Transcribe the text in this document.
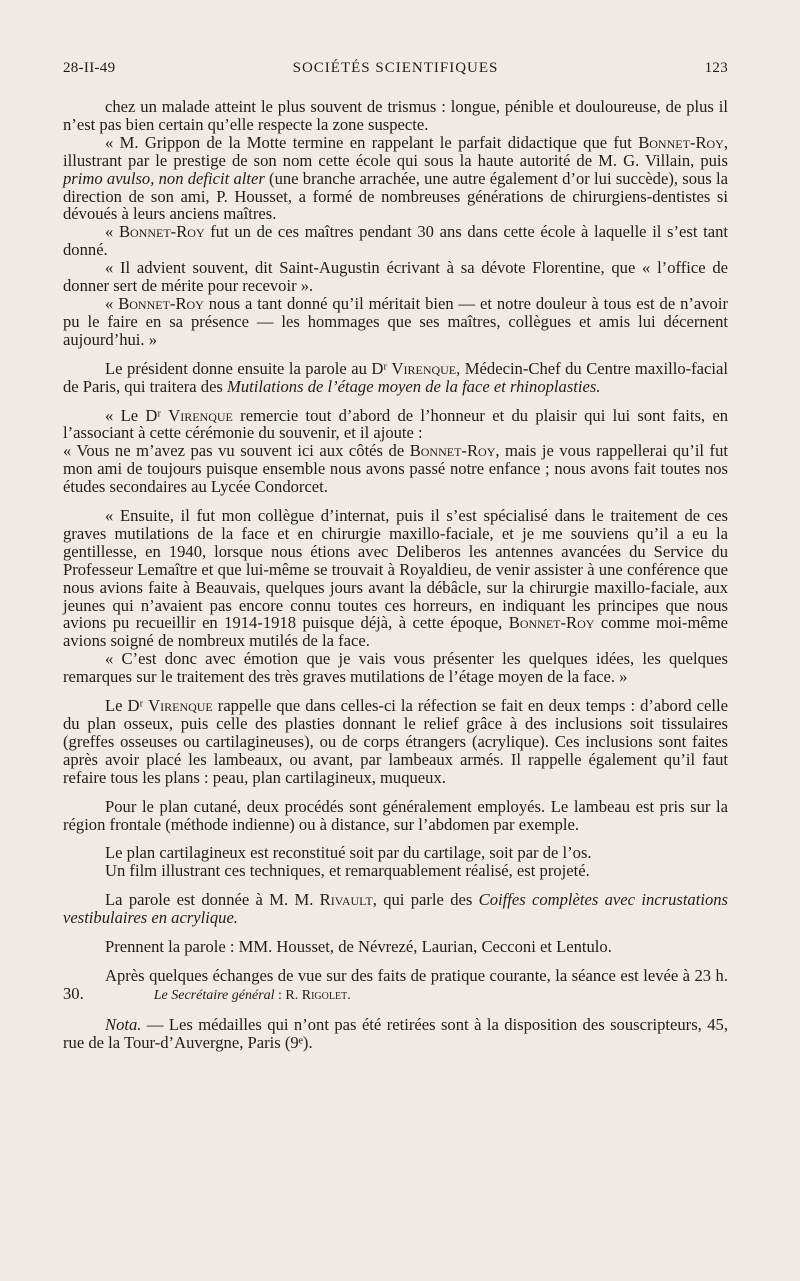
28-II-49	SOCIÉTÉS SCIENTIFIQUES	123

chez un malade atteint le plus souvent de trismus : longue, pénible et douloureuse, de plus il n’est pas bien certain qu’elle respecte la zone suspecte.

« M. Grippon de la Motte termine en rappelant le parfait didactique que fut Bonnet-Roy, illustrant par le prestige de son nom cette école qui sous la haute autorité de M. G. Villain, puis primo avulso, non deficit alter (une branche arrachée, une autre également d’or lui succède), sous la direction de son ami, P. Housset, a formé de nombreuses générations de chirurgiens-dentistes si dévoués à leurs anciens maîtres.

« Bonnet-Roy fut un de ces maîtres pendant 30 ans dans cette école à laquelle il s’est tant donné.

« Il advient souvent, dit Saint-Augustin écrivant à sa dévote Florentine, que « l’office de donner sert de mérite pour recevoir ».

« Bonnet-Roy nous a tant donné qu’il méritait bien — et notre douleur à tous est de n’avoir pu le faire en sa présence — les hommages que ses maîtres, collègues et amis lui décernent aujourd’hui. »

Le président donne ensuite la parole au Dʳ Virenque, Médecin-Chef du Centre maxillo-facial de Paris, qui traitera des Mutilations de l’étage moyen de la face et rhinoplasties.

« Le Dʳ Virenque remercie tout d’abord de l’honneur et du plaisir qui lui sont faits, en l’associant à cette cérémonie du souvenir, et il ajoute :

« Vous ne m’avez pas vu souvent ici aux côtés de Bonnet-Roy, mais je vous rappellerai qu’il fut mon ami de toujours puisque ensemble nous avons passé notre enfance ; nous avons fait toutes nos études secondaires au Lycée Condorcet.

« Ensuite, il fut mon collègue d’internat, puis il s’est spécialisé dans le traitement de ces graves mutilations de la face et en chirurgie maxillo-faciale, et je me souviens qu’il a eu la gentillesse, en 1940, lorsque nous étions avec Deliberos les antennes avancées du Service du Professeur Lemaître et que lui-même se trouvait à Royaldieu, de venir assister à une conférence que nous avions faite à Beauvais, quelques jours avant la débâcle, sur la chirurgie maxillo-faciale, aux jeunes qui n’avaient pas encore connu toutes ces horreurs, en indiquant les principes que nous avions pu recueillir en 1914-1918 puisque déjà, à cette époque, Bonnet-Roy comme moi-même avions soigné de nombreux mutilés de la face.

« C’est donc avec émotion que je vais vous présenter les quelques idées, les quelques remarques sur le traitement des très graves mutilations de l’étage moyen de la face. »

Le Dʳ Virenque rappelle que dans celles-ci la réfection se fait en deux temps : d’abord celle du plan osseux, puis celle des plasties donnant le relief grâce à des inclusions soit tissulaires (greffes osseuses ou cartilagineuses), ou de corps étrangers (acrylique). Ces inclusions sont faites après avoir placé les lambeaux, ou avant, par lambeaux armés. Il rappelle également qu’il faut refaire tous les plans : peau, plan cartilagineux, muqueux.

Pour le plan cutané, deux procédés sont généralement employés. Le lambeau est pris sur la région frontale (méthode indienne) ou à distance, sur l’abdomen par exemple.

Le plan cartilagineux est reconstitué soit par du cartilage, soit par de l’os.

Un film illustrant ces techniques, et remarquablement réalisé, est projeté.

La parole est donnée à M. M. Rivault, qui parle des Coiffes complètes avec incrustations vestibulaires en acrylique.

Prennent la parole : MM. Housset, de Névrezé, Laurian, Cecconi et Lentulo.

Après quelques échanges de vue sur des faits de pratique courante, la séance est levée à 23 h. 30.	Le Secrétaire général : R. Rigolet.

Nota. — Les médailles qui n’ont pas été retirées sont à la disposition des souscripteurs, 45, rue de la Tour-d’Auvergne, Paris (9ᵉ).
